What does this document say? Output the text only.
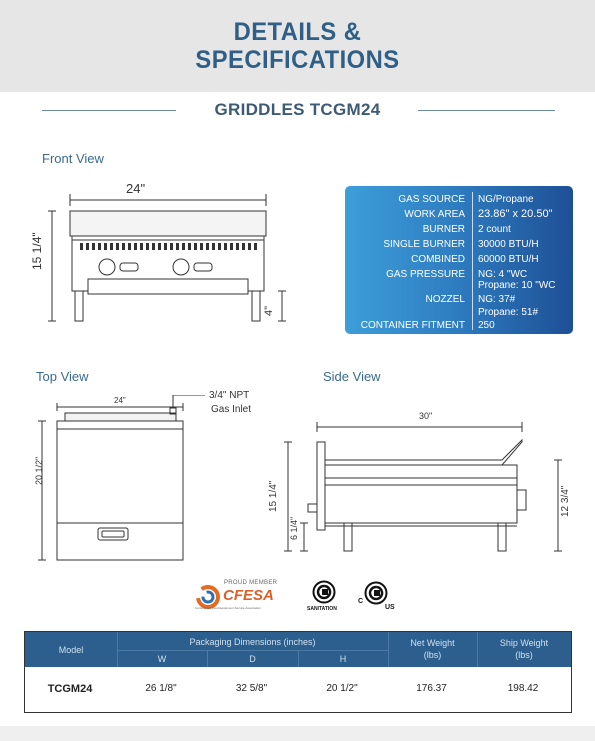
DETAILS &
SPECIFICATIONS
GRIDDLES TCGM24
Front View
24"
15 1/4"
4"
GAS SOURCE NG/Propane
WORK AREA 23.86" x 20.50"
BURNER 2 count
SINGLE BURNER 30000 BTU/H
COMBINED 60000 BTU/H
GAS PRESSURE NG: 4 "WC
Propane: 10 "WC
NOZZEL NG: 37#
Propane: 51#
CONTAINER FITMENT 250
Top View
24"
20 1/2"
3/4" NPT
Gas Inlet
Side View
30"
15 1/4"
6 1/4"
12 3/4"
PROUD MEMBER
CFESA
Commercial Food Equipment Service Association	SANITATION
C
US
Model
Packaging Dimensions (inches)
W	D	H
Net Weight
(lbs)
Ship Weight
(lbs)
TCGM24	26 1/8"	32 5/8"	20 1/2"	176.37	198.42
